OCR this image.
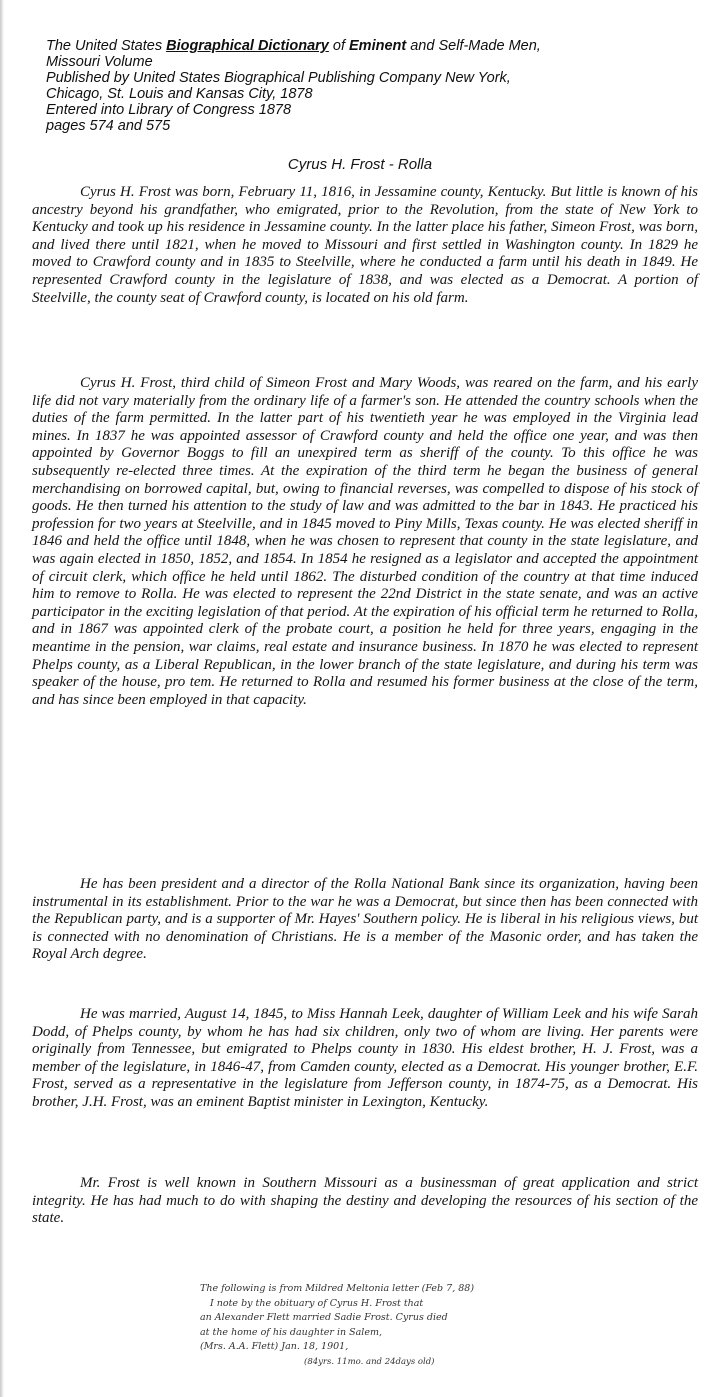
The United States Biographical Dictionary of Eminent and Self-Made Men,
Missouri Volume
Published by United States Biographical Publishing Company New York,
Chicago, St. Louis and Kansas City, 1878
Entered into Library of Congress 1878
pages 574 and 575
Cyrus H. Frost - Rolla

Cyrus H. Frost was born, February 11, 1816, in Jessamine county, Kentucky. But little is known of his ancestry beyond his grandfather, who emigrated, prior to the Revolution, from the state of New York to Kentucky and took up his residence in Jessamine county. In the latter place his father, Simeon Frost, was born, and lived there until 1821, when he moved to Missouri and first settled in Washington county. In 1829 he moved to Crawford county and in 1835 to Steelville, where he conducted a farm until his death in 1849. He represented Crawford county in the legislature of 1838, and was elected as a Democrat. A portion of Steelville, the county seat of Crawford county, is located on his old farm.

Cyrus H. Frost, third child of Simeon Frost and Mary Woods, was reared on the farm, and his early life did not vary materially from the ordinary life of a farmer's son. He attended the country schools when the duties of the farm permitted. In the latter part of his twentieth year he was employed in the Virginia lead mines. In 1837 he was appointed assessor of Crawford county and held the office one year, and was then appointed by Governor Boggs to fill an unexpired term as sheriff of the county. To this office he was subsequently re-elected three times. At the expiration of the third term he began the business of general merchandising on borrowed capital, but, owing to financial reverses, was compelled to dispose of his stock of goods. He then turned his attention to the study of law and was admitted to the bar in 1843. He practiced his profession for two years at Steelville, and in 1845 moved to Piny Mills, Texas county. He was elected sheriff in 1846 and held the office until 1848, when he was chosen to represent that county in the state legislature, and was again elected in 1850, 1852, and 1854. In 1854 he resigned as a legislator and accepted the appointment of circuit clerk, which office he held until 1862. The disturbed condition of the country at that time induced him to remove to Rolla. He was elected to represent the 22nd District in the state senate, and was an active participator in the exciting legislation of that period. At the expiration of his official term he returned to Rolla, and in 1867 was appointed clerk of the probate court, a position he held for three years, engaging in the meantime in the pension, war claims, real estate and insurance business. In 1870 he was elected to represent Phelps county, as a Liberal Republican, in the lower branch of the state legislature, and during his term was speaker of the house, pro tem. He returned to Rolla and resumed his former business at the close of the term, and has since been employed in that capacity.

He has been president and a director of the Rolla National Bank since its organization, having been instrumental in its establishment. Prior to the war he was a Democrat, but since then has been connected with the Republican party, and is a supporter of Mr. Hayes' Southern policy. He is liberal in his religious views, but is connected with no denomination of Christians. He is a member of the Masonic order, and has taken the Royal Arch degree.

He was married, August 14, 1845, to Miss Hannah Leek, daughter of William Leek and his wife Sarah Dodd, of Phelps county, by whom he has had six children, only two of whom are living. Her parents were originally from Tennessee, but emigrated to Phelps county in 1830. His eldest brother, H. J. Frost, was a member of the legislature, in 1846-47, from Camden county, elected as a Democrat. His younger brother, E.F. Frost, served as a representative in the legislature from Jefferson county, in 1874-75, as a Democrat. His brother, J.H. Frost, was an eminent Baptist minister in Lexington, Kentucky.

Mr. Frost is well known in Southern Missouri as a businessman of great application and strict integrity. He has had much to do with shaping the destiny and developing the resources of his section of the state.

The following is from Mildred Meltonia letter (Feb 7, 88)
I note by the obituary of Cyrus H. Frost that
an Alexander Flett married Sadie Frost. Cyrus died
at the home of his daughter in Salem,
(Mrs. A.A. Flett) Jan. 18, 1901,
(84yrs. 11mo. and 24days old)
